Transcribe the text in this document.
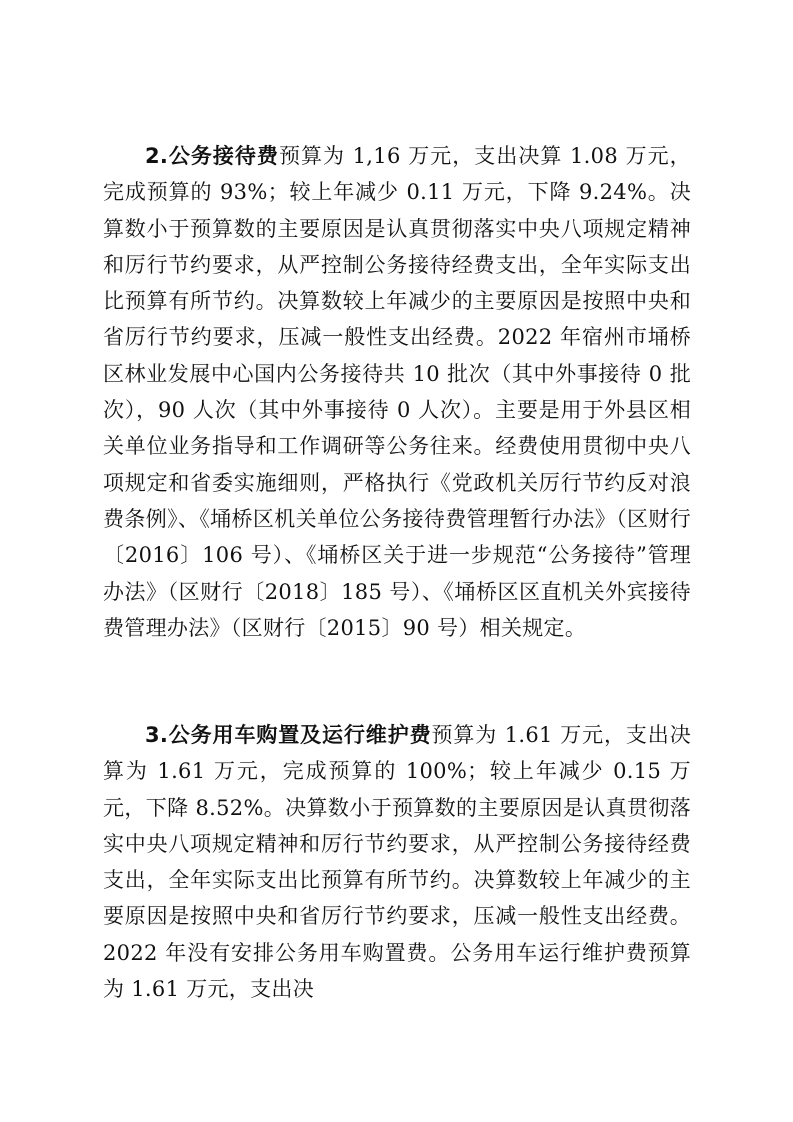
2.公务接待费预算为 1,16 万元，支出决算 1.08 万元，完成预算的 93%；较上年减少 0.11 万元，下降 9.24%。决算数小于预算数的主要原因是认真贯彻落实中央八项规定精神和厉行节约要求，从严控制公务接待经费支出，全年实际支出比预算有所节约。决算数较上年减少的主要原因是按照中央和省厉行节约要求，压减一般性支出经费。2022 年宿州市埇桥区林业发展中心国内公务接待共 10 批次（其中外事接待 0 批次），90 人次（其中外事接待 0 人次）。主要是用于外县区相关单位业务指导和工作调研等公务往来。经费使用贯彻中央八项规定和省委实施细则，严格执行《党政机关厉行节约反对浪费条例》、《埇桥区机关单位公务接待费管理暂行办法》（区财行〔2016〕106 号）、《埇桥区关于进一步规范“公务接待”管理办法》（区财行〔2018〕185 号）、《埇桥区区直机关外宾接待费管理办法》（区财行〔2015〕90 号）相关规定。

3.公务用车购置及运行维护费预算为 1.61 万元，支出决算为 1.61 万元，完成预算的 100%；较上年减少 0.15 万元，下降 8.52%。决算数小于预算数的主要原因是认真贯彻落实中央八项规定精神和厉行节约要求，从严控制公务接待经费支出，全年实际支出比预算有所节约。决算数较上年减少的主要原因是按照中央和省厉行节约要求，压减一般性支出经费。2022 年没有安排公务用车购置费。公务用车运行维护费预算为 1.61 万元，支出决
